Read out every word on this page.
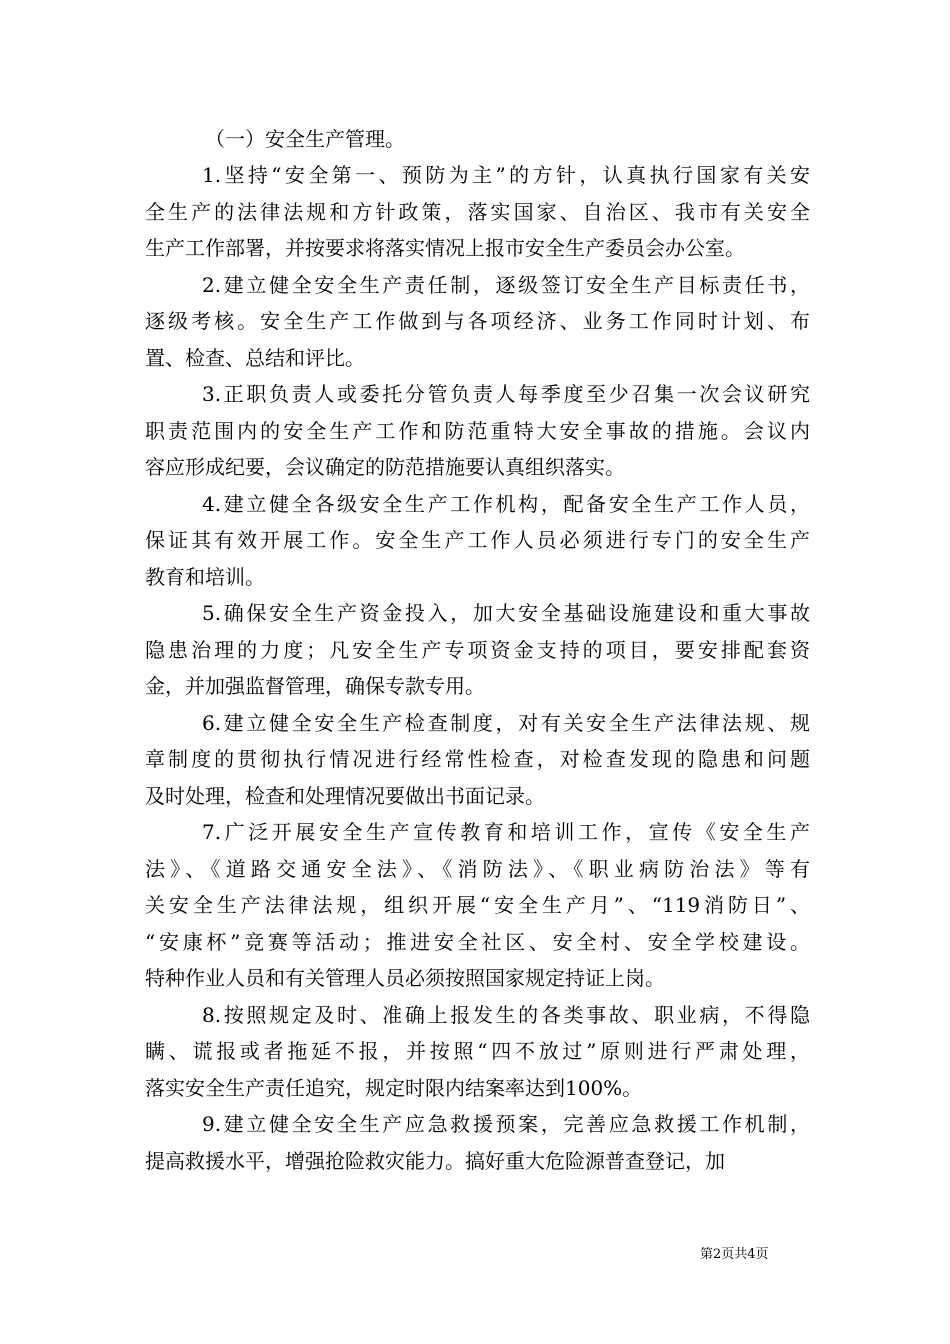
（一）安全生产管理。

1.坚持“安全第一、预防为主”的方针，认真执行国家有关安
全生产的法律法规和方针政策，落实国家、自治区、我市有关安全
生产工作部署，并按要求将落实情况上报市安全生产委员会办公室。

2.建立健全安全生产责任制，逐级签订安全生产目标责任书，
逐级考核。安全生产工作做到与各项经济、业务工作同时计划、布
置、检查、总结和评比。

3.正职负责人或委托分管负责人每季度至少召集一次会议研究
职责范围内的安全生产工作和防范重特大安全事故的措施。会议内
容应形成纪要，会议确定的防范措施要认真组织落实。

4.建立健全各级安全生产工作机构，配备安全生产工作人员，
保证其有效开展工作。安全生产工作人员必须进行专门的安全生产
教育和培训。

5.确保安全生产资金投入，加大安全基础设施建设和重大事故
隐患治理的力度；凡安全生产专项资金支持的项目，要安排配套资
金，并加强监督管理，确保专款专用。

6.建立健全安全生产检查制度，对有关安全生产法律法规、规
章制度的贯彻执行情况进行经常性检查，对检查发现的隐患和问题
及时处理，检查和处理情况要做出书面记录。

7.广泛开展安全生产宣传教育和培训工作，宣传《安全生产
法》、《道路交通安全法》、《消防法》、《职业病防治法》等有
关安全生产法律法规，组织开展“安全生产月”、“119消防日”、
“安康杯”竞赛等活动；推进安全社区、安全村、安全学校建设。
特种作业人员和有关管理人员必须按照国家规定持证上岗。

8.按照规定及时、准确上报发生的各类事故、职业病，不得隐
瞒、谎报或者拖延不报，并按照“四不放过”原则进行严肃处理，
落实安全生产责任追究，规定时限内结案率达到100%。

9.建立健全安全生产应急救援预案，完善应急救援工作机制，
提高救援水平，增强抢险救灾能力。搞好重大危险源普查登记，加

第2页共4页
